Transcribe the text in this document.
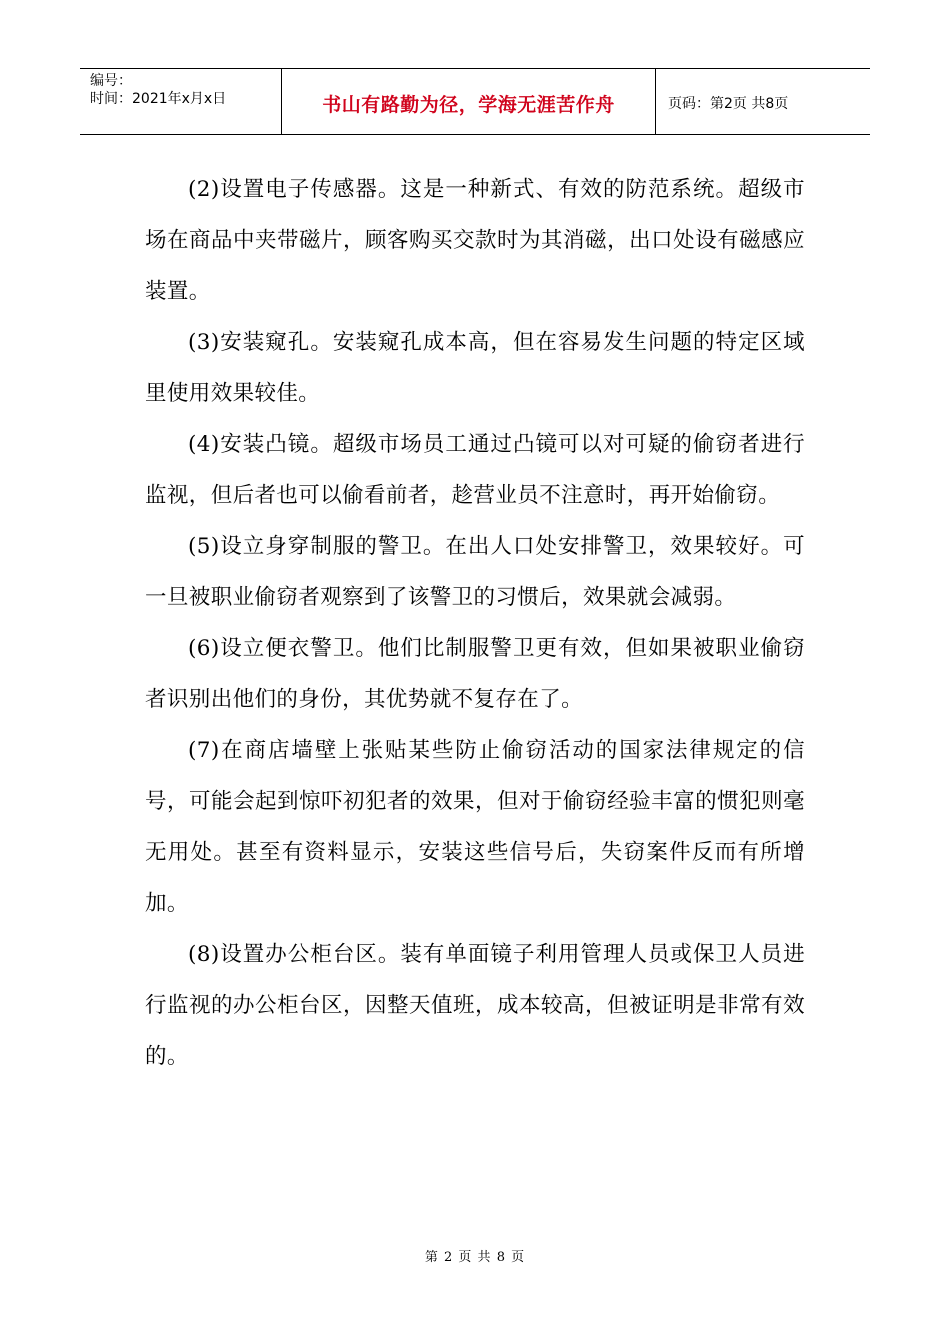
编号：
时间：2021年x月x日	书山有路勤为径，学海无涯苦作舟	页码：第2页 共8页

(2)设置电子传感器。这是一种新式、有效的防范系统。超级市场在商品中夹带磁片，顾客购买交款时为其消磁，出口处设有磁感应装置。

(3)安装窥孔。安装窥孔成本高，但在容易发生问题的特定区域里使用效果较佳。

(4)安装凸镜。超级市场员工通过凸镜可以对可疑的偷窃者进行监视，但后者也可以偷看前者，趁营业员不注意时，再开始偷窃。

(5)设立身穿制服的警卫。在出人口处安排警卫，效果较好。可一旦被职业偷窃者观察到了该警卫的习惯后，效果就会减弱。

(6)设立便衣警卫。他们比制服警卫更有效，但如果被职业偷窃者识别出他们的身份，其优势就不复存在了。

(7)在商店墙壁上张贴某些防止偷窃活动的国家法律规定的信号，可能会起到惊吓初犯者的效果，但对于偷窃经验丰富的惯犯则毫无用处。甚至有资料显示，安装这些信号后，失窃案件反而有所增加。

(8)设置办公柜台区。装有单面镜子利用管理人员或保卫人员进行监视的办公柜台区，因整天值班，成本较高，但被证明是非常有效的。

第 2 页 共 8 页
